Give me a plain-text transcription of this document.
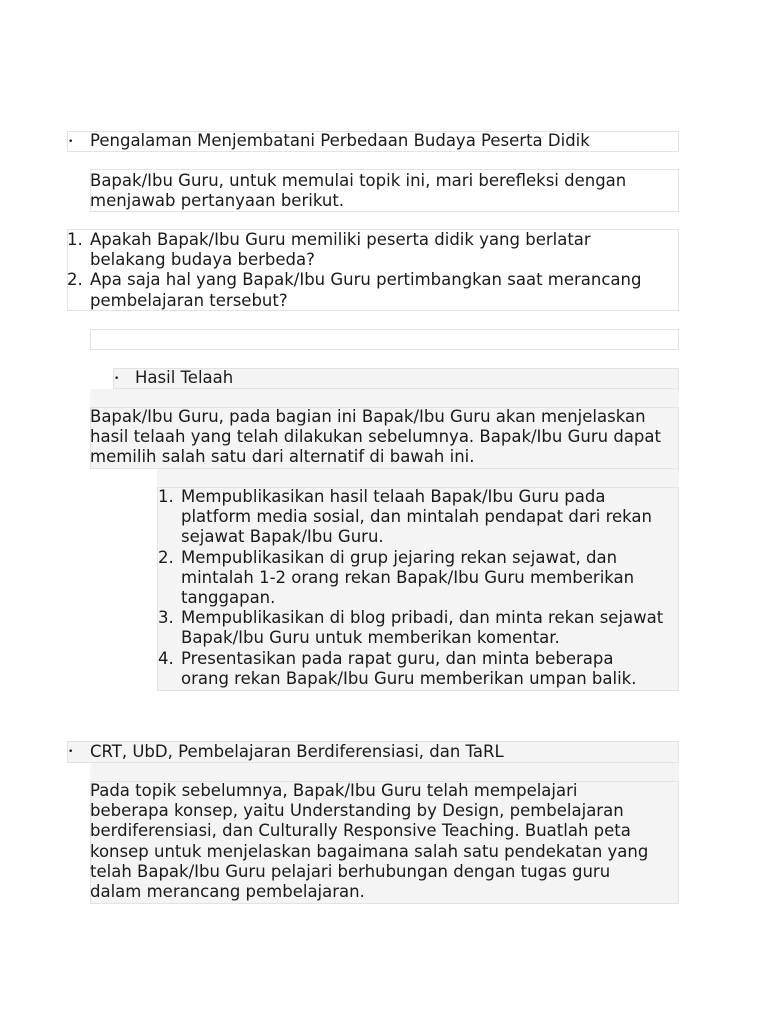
• Pengalaman Menjembatani Perbedaan Budaya Peserta Didik
Bapak/Ibu Guru, untuk memulai topik ini, mari berefleksi dengan
menjawab pertanyaan berikut.
1. Apakah Bapak/Ibu Guru memiliki peserta didik yang berlatar
belakang budaya berbeda?
2. Apa saja hal yang Bapak/Ibu Guru pertimbangkan saat merancang
pembelajaran tersebut?
• Hasil Telaah
Bapak/Ibu Guru, pada bagian ini Bapak/Ibu Guru akan menjelaskan
hasil telaah yang telah dilakukan sebelumnya. Bapak/Ibu Guru dapat
memilih salah satu dari alternatif di bawah ini.
1. Mempublikasikan hasil telaah Bapak/Ibu Guru pada
platform media sosial, dan mintalah pendapat dari rekan
sejawat Bapak/Ibu Guru.
2. Mempublikasikan di grup jejaring rekan sejawat, dan
mintalah 1-2 orang rekan Bapak/Ibu Guru memberikan
tanggapan.
3. Mempublikasikan di blog pribadi, dan minta rekan sejawat
Bapak/Ibu Guru untuk memberikan komentar.
4. Presentasikan pada rapat guru, dan minta beberapa
orang rekan Bapak/Ibu Guru memberikan umpan balik.
• CRT, UbD, Pembelajaran Berdiferensiasi, dan TaRL
Pada topik sebelumnya, Bapak/Ibu Guru telah mempelajari
beberapa konsep, yaitu Understanding by Design, pembelajaran
berdiferensiasi, dan Culturally Responsive Teaching. Buatlah peta
konsep untuk menjelaskan bagaimana salah satu pendekatan yang
telah Bapak/Ibu Guru pelajari berhubungan dengan tugas guru
dalam merancang pembelajaran.
